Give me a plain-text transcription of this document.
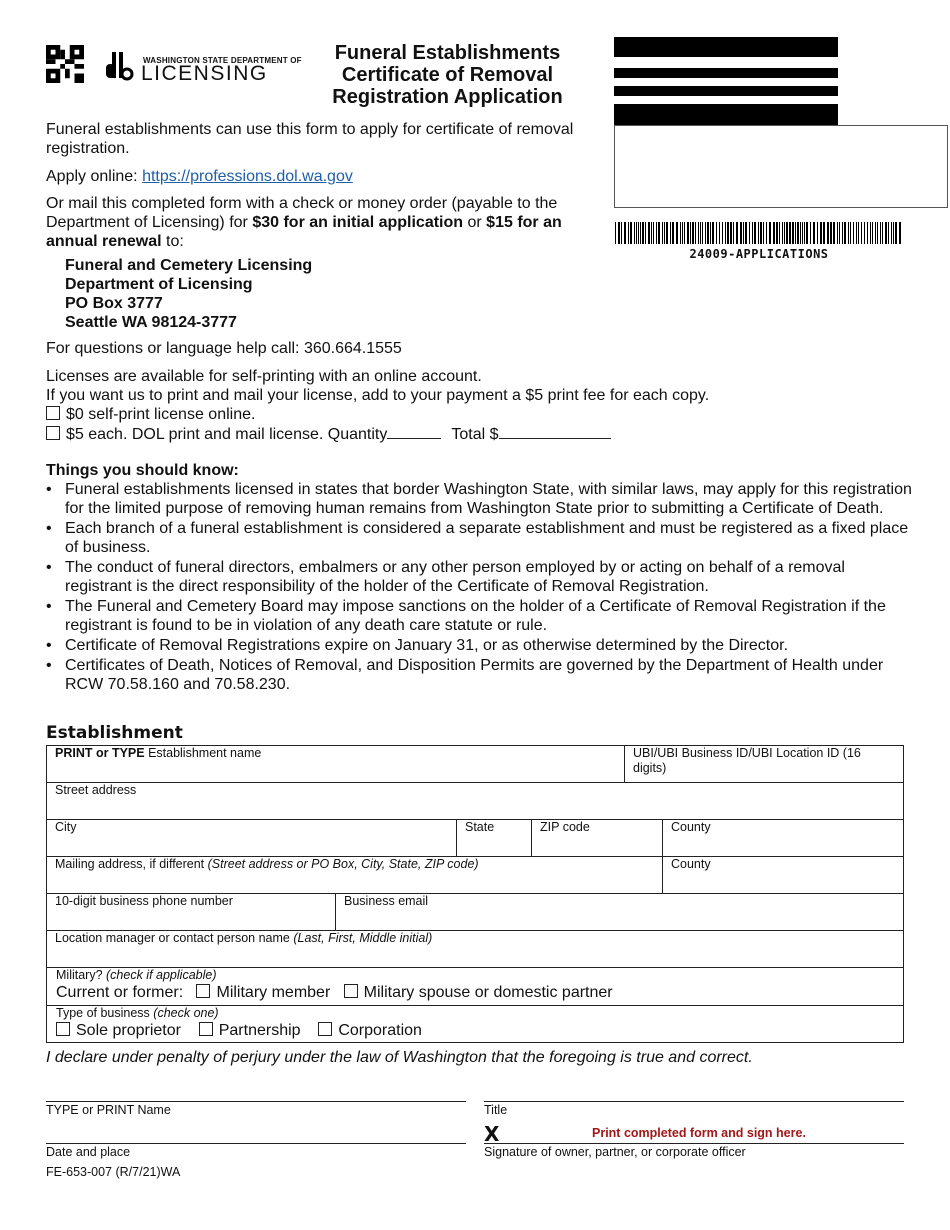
WASHINGTON STATE DEPARTMENT OF
LICENSING
Funeral Establishments
Certificate of Removal
Registration Application
24009-APPLICATIONS

Funeral establishments can use this form to apply for certificate of removal registration.

Apply online: https://professions.dol.wa.gov

Or mail this completed form with a check or money order (payable to the Department of Licensing) for $30 for an initial application or $15 for an annual renewal to:

Funeral and Cemetery Licensing
Department of Licensing
PO Box 3777
Seattle WA 98124-3777

For questions or language help call: 360.664.1555

Licenses are available for self-printing with an online account.

If you want us to print and mail your license, add to your payment a $5 print fee for each copy.

$0 self-print license online.

$5 each. DOL print and mail license. Quantity	Total $

Things you should know:

• Funeral establishments licensed in states that border Washington State, with similar laws, may apply for this registration for the limited purpose of removing human remains from Washington State prior to submitting a Certificate of Death.
• Each branch of a funeral establishment is considered a separate establishment and must be registered as a fixed place of business.
• The conduct of funeral directors, embalmers or any other person employed by or acting on behalf of a removal registrant is the direct responsibility of the holder of the Certificate of Removal Registration.
• The Funeral and Cemetery Board may impose sanctions on the holder of a Certificate of Removal Registration if the registrant is found to be in violation of any death care statute or rule.
• Certificate of Removal Registrations expire on January 31, or as otherwise determined by the Director.
• Certificates of Death, Notices of Removal, and Disposition Permits are governed by the Department of Health under RCW 70.58.160 and 70.58.230.
Establishment
PRINT or TYPE Establishment name	UBI/UBI Business ID/UBI Location ID (16 digits)
Street address
City	State	ZIP code	County
Mailing address, if different (Street address or PO Box, City, State, ZIP code)	County
10-digit business phone number	Business email
Location manager or contact person name (Last, First, Middle initial)
Military? (check if applicable)
Current or former: Military member Military spouse or domestic partner
Type of business (check one)
Sole proprietor Partnership Corporation
I declare under penalty of perjury under the law of Washington that the foregoing is true and correct.
TYPE or PRINT Name	Title
X	Print completed form and sign here.
Date and place	Signature of owner, partner, or corporate officer
FE-653-007 (R/7/21)WA
